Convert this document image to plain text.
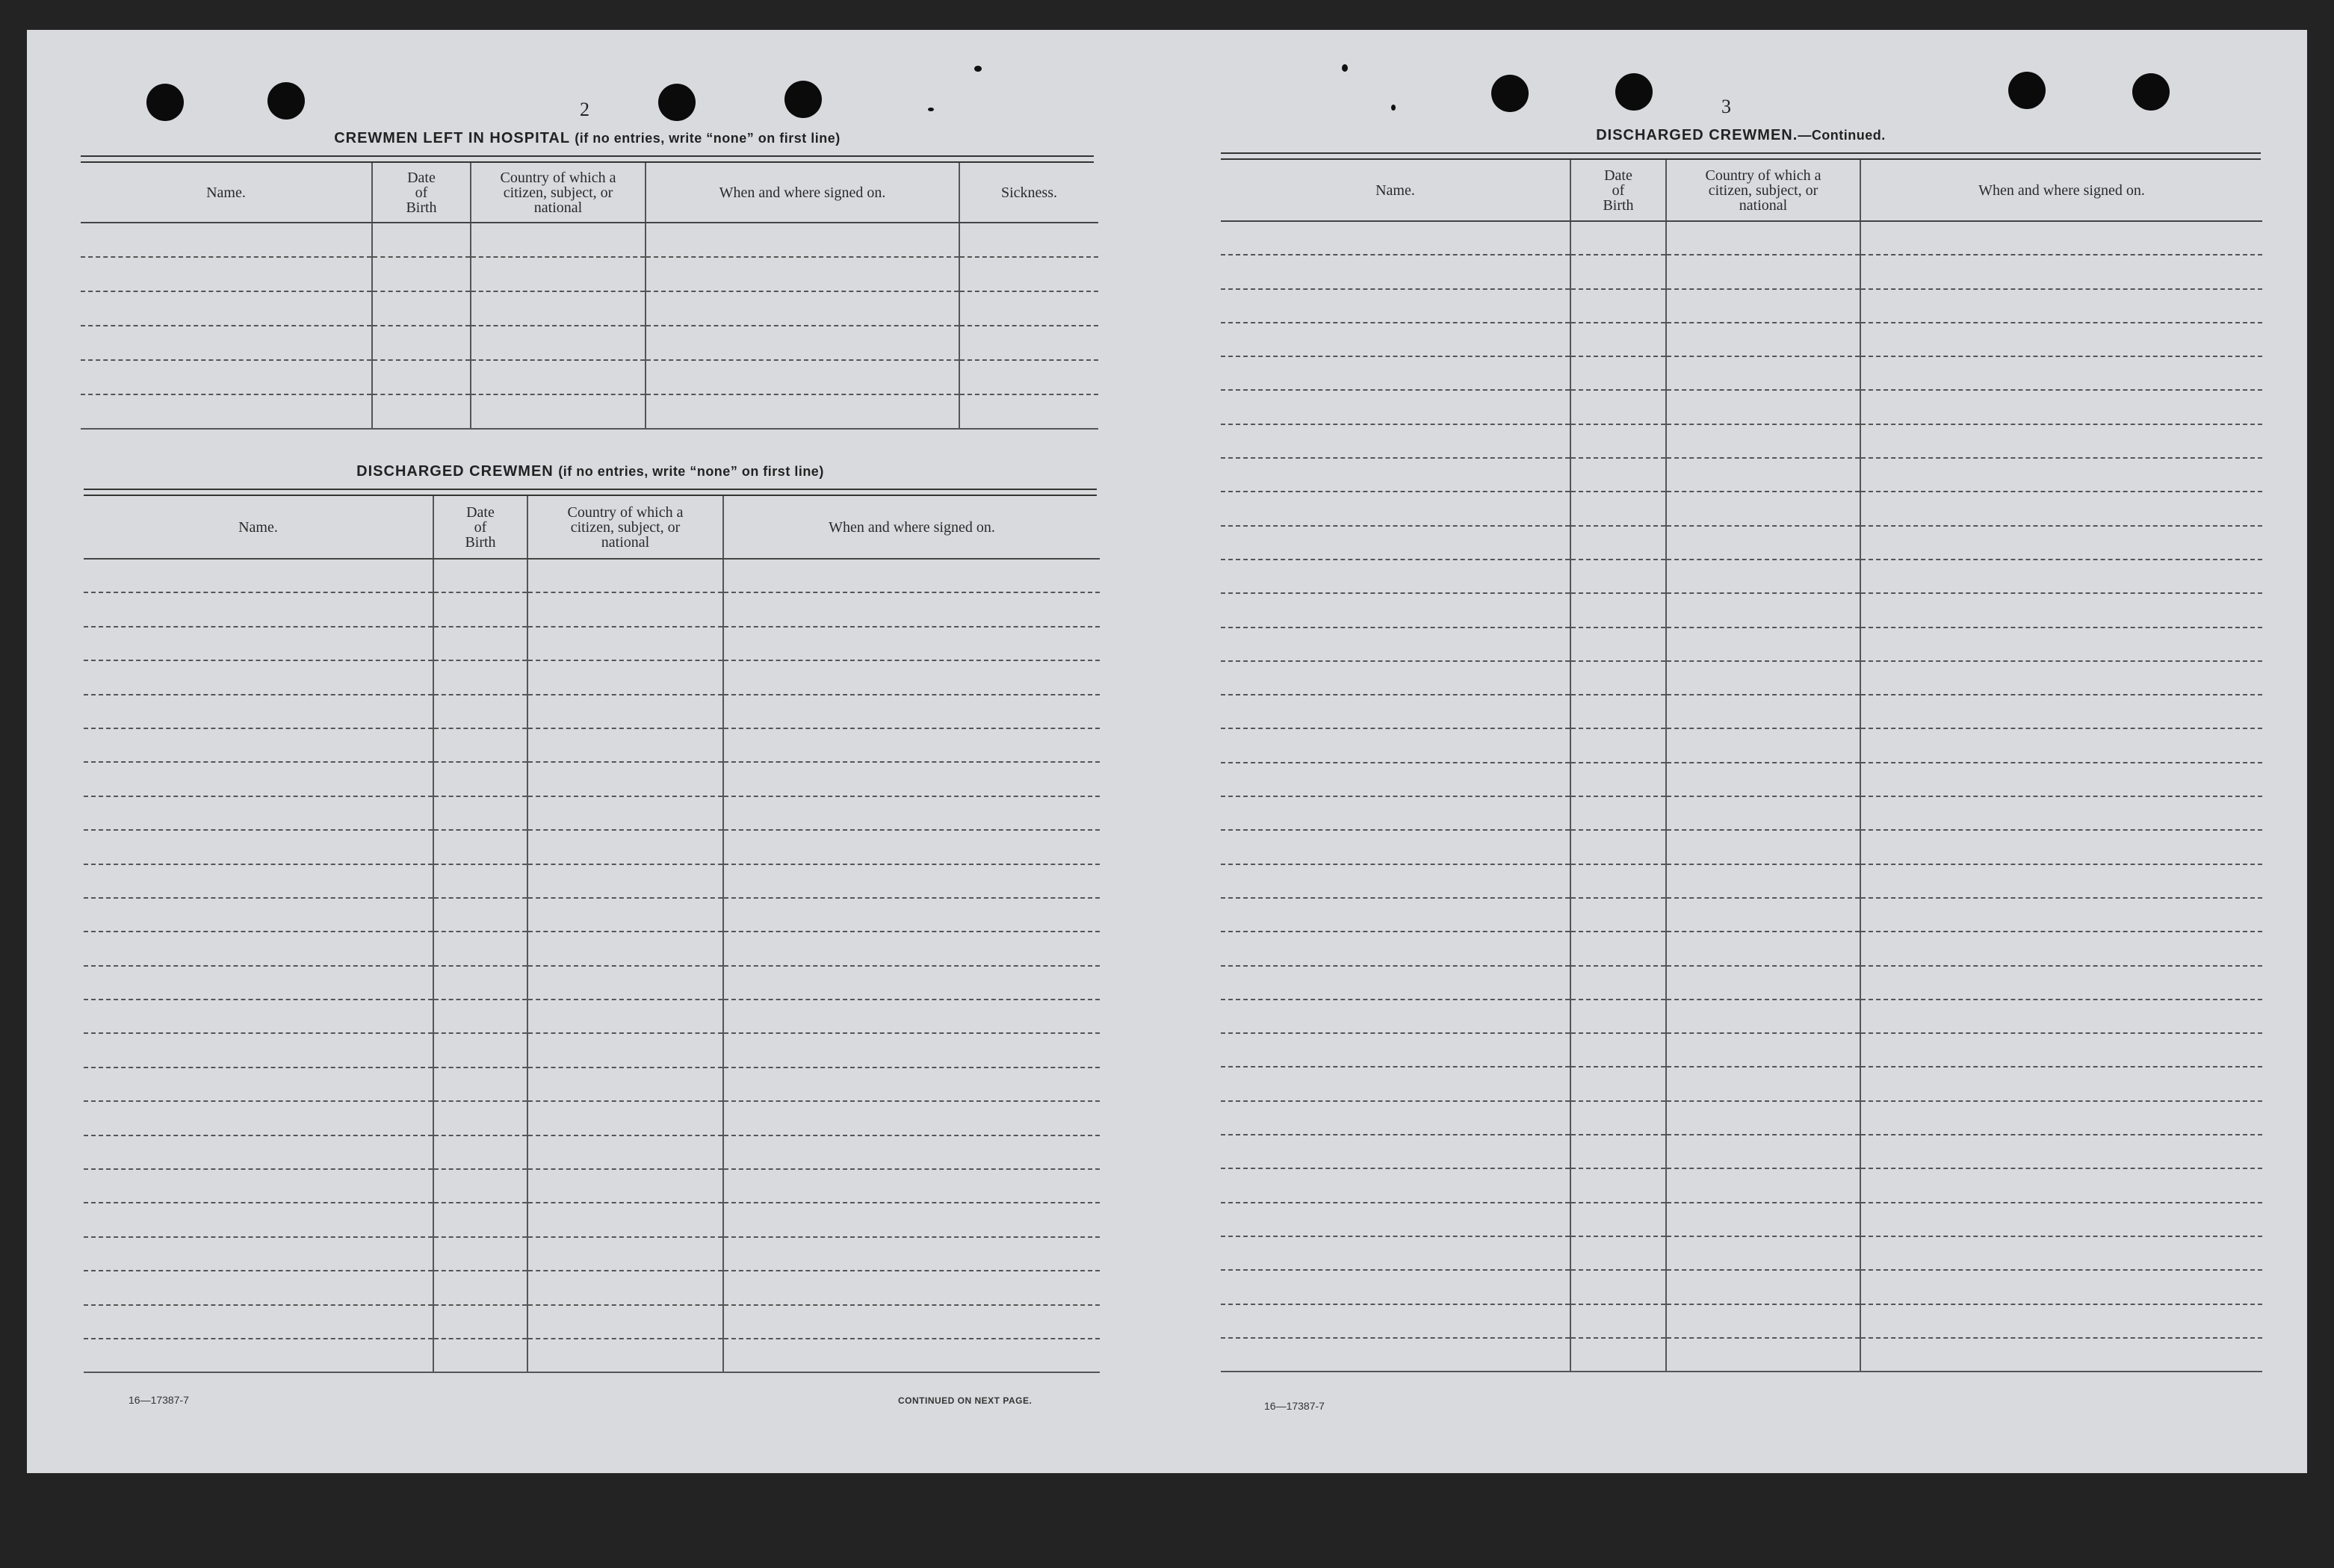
2
CREWMEN LEFT IN HOSPITAL (if no entries, write “none” on first line)
Name.	Date
of
Birth	Country of which a
citizen, subject, or
national	When and where signed on.	Sickness.

DISCHARGED CREWMEN (if no entries, write “none” on first line)
Name.	Date
of
Birth	Country of which a
citizen, subject, or
national	When and where signed on.

16—17387-7	CONTINUED ON NEXT PAGE.
3
DISCHARGED CREWMEN.—Continued.
Name.	Date
of
Birth	Country of which a
citizen, subject, or
national	When and where signed on.

16—17387-7
